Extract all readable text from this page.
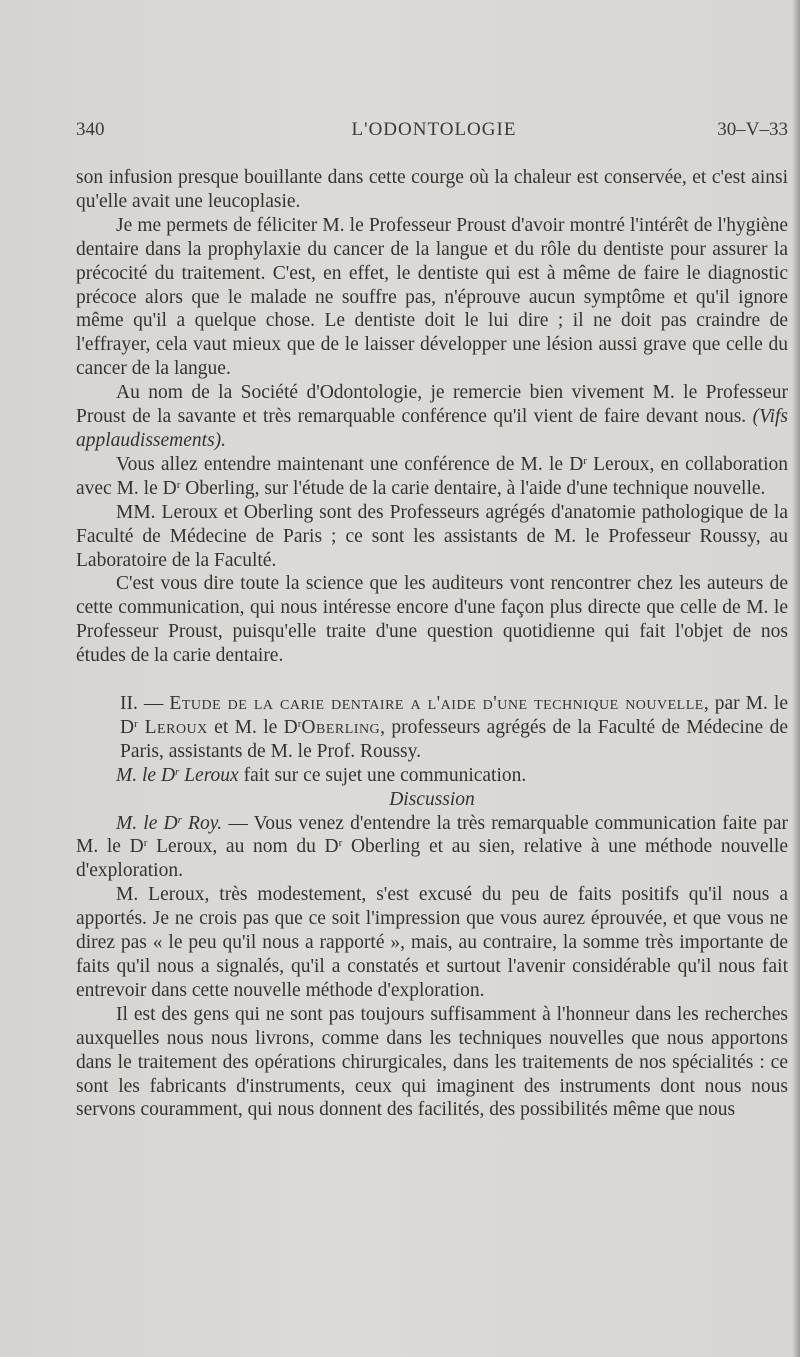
340	L'ODONTOLOGIE	30–V–33

son infusion presque bouillante dans cette courge où la chaleur est conservée, et c'est ainsi qu'elle avait une leucoplasie.

Je me permets de féliciter M. le Professeur Proust d'avoir montré l'intérêt de l'hygiène dentaire dans la prophylaxie du cancer de la langue et du rôle du dentiste pour assurer la précocité du traitement. C'est, en effet, le dentiste qui est à même de faire le diagnostic précoce alors que le malade ne souffre pas, n'éprouve aucun symptôme et qu'il ignore même qu'il a quelque chose. Le dentiste doit le lui dire ; il ne doit pas craindre de l'effrayer, cela vaut mieux que de le laisser développer une lésion aussi grave que celle du cancer de la langue.

Au nom de la Société d'Odontologie, je remercie bien vivement M. le Professeur Proust de la savante et très remarquable conférence qu'il vient de faire devant nous. (Vifs applaudissements).

Vous allez entendre maintenant une conférence de M. le $D^r$ Leroux, en collaboration avec M. le $D^r$ Oberling, sur l'étude de la carie dentaire, à l'aide d'une technique nouvelle.

MM. Leroux et Oberling sont des Professeurs agrégés d'anatomie pathologique de la Faculté de Médecine de Paris ; ce sont les assistants de M. le Professeur Roussy, au Laboratoire de la Faculté.

C'est vous dire toute la science que les auditeurs vont rencontrer chez les auteurs de cette communication, qui nous intéresse encore d'une façon plus directe que celle de M. le Professeur Proust, puisqu'elle traite d'une question quotidienne qui fait l'objet de nos études de la carie dentaire.

II. — Etude de la carie dentaire a l'aide d'une technique nouvelle, par M. le $D^r$ Leroux et M. le $D^rOberling$, professeurs agrégés de la Faculté de Médecine de Paris, assistants de M. le Prof. Roussy.

M. le $D^r$ Leroux fait sur ce sujet une communication.

Discussion

M. le $D^r$ Roy. — Vous venez d'entendre la très remarquable communication faite par M. le $D^r$ Leroux, au nom du $D^r$ Oberling et au sien, relative à une méthode nouvelle d'exploration.

M. Leroux, très modestement, s'est excusé du peu de faits positifs qu'il nous a apportés. Je ne crois pas que ce soit l'impression que vous aurez éprouvée, et que vous ne direz pas « le peu qu'il nous a rapporté », mais, au contraire, la somme très importante de faits qu'il nous a signalés, qu'il a constatés et surtout l'avenir considérable qu'il nous fait entrevoir dans cette nouvelle méthode d'exploration.

Il est des gens qui ne sont pas toujours suffisamment à l'honneur dans les recherches auxquelles nous nous livrons, comme dans les techniques nouvelles que nous apportons dans le traitement des opérations chirurgicales, dans les traitements de nos spécialités : ce sont les fabricants d'instruments, ceux qui imaginent des instruments dont nous nous servons couramment, qui nous donnent des facilités, des possibilités même que nous
